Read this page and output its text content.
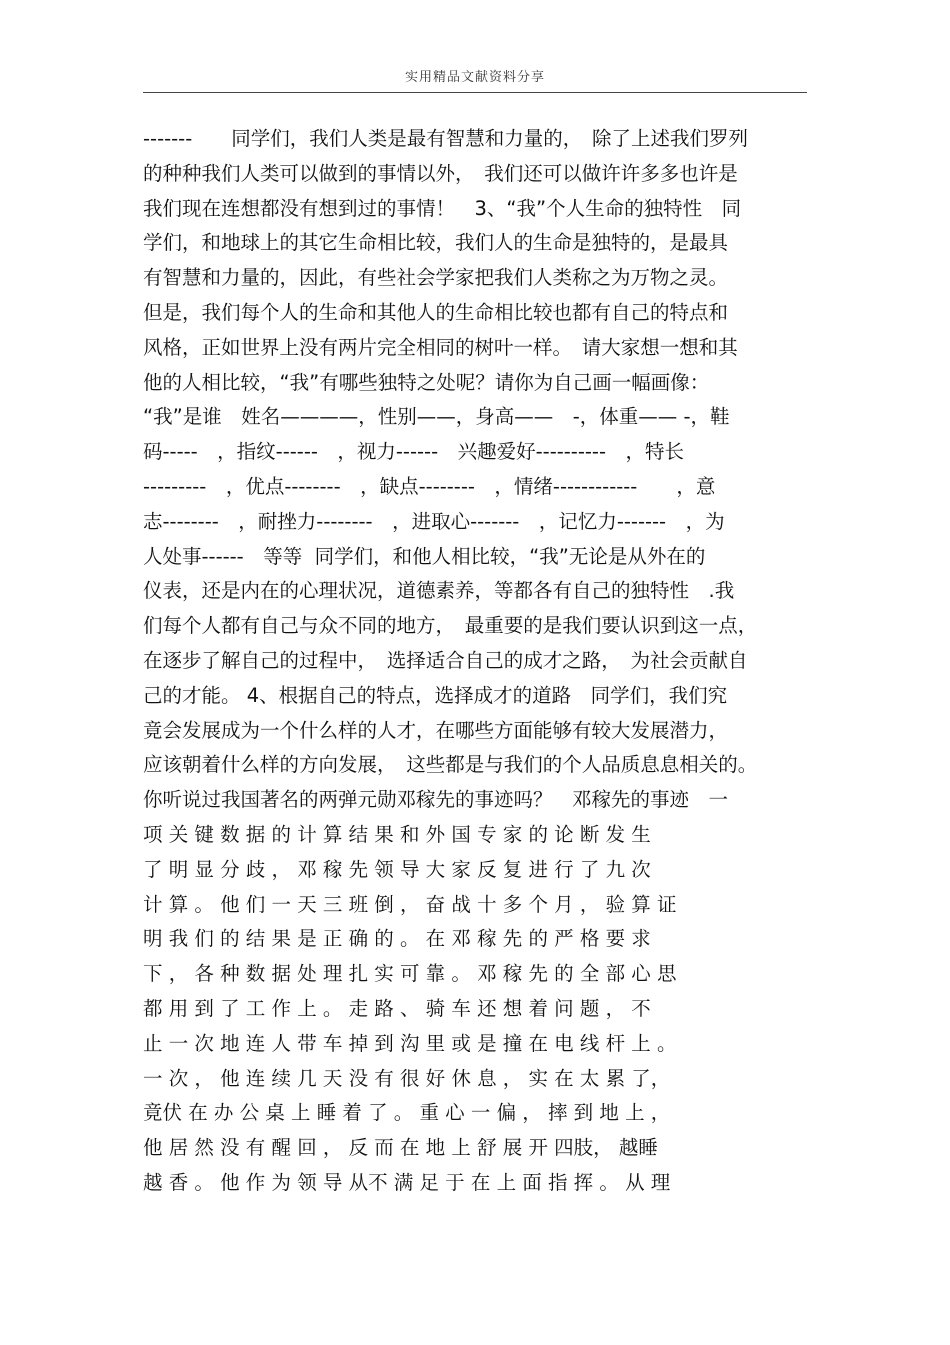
实用精品文献资料分享
-------　　同学们，我们人类是最有智慧和力量的，　除了上述我们罗列
的种种我们人类可以做到的事情以外，　我们还可以做许许多多也许是
我们现在连想都没有想到过的事情！　3、“我”个人生命的独特性　同
学们，和地球上的其它生命相比较，我们人的生命是独特的，是最具
有智慧和力量的，因此，有些社会学家把我们人类称之为万物之灵。
但是，我们每个人的生命和其他人的生命相比较也都有自己的特点和
风格，正如世界上没有两片完全相同的树叶一样。　请大家想一想和其
他的人相比较，“我”有哪些独特之处呢？请你为自己画一幅画像：
“我”是谁　姓名————，性别——，身高——　-，体重—— -，鞋
码-----　，指纹------　，视力------　兴趣爱好----------　，特长
---------　，优点--------　，缺点--------　，情绪------------　　，意
志--------　，耐挫力--------　，进取心-------　，记忆力-------　，为
人处事------　等等  同学们，和他人相比较，“我”无论是从外在的
仪表，还是内在的心理状况，道德素养，等都各有自己的独特性　.我
们每个人都有自己与众不同的地方，　最重要的是我们要认识到这一点，
在逐步了解自己的过程中，　选择适合自己的成才之路，　为社会贡献自
己的才能。 4、根据自己的特点，选择成才的道路　同学们，我们究
竟会发展成为一个什么样的人才，在哪些方面能够有较大发展潜力，
应该朝着什么样的方向发展，　这些都是与我们的个人品质息息相关的。
你听说过我国著名的两弹元勋邓稼先的事迹吗？　邓稼先的事迹　一
项 关 键 数 据 的 计 算 结 果 和 外 国 专 家 的 论 断 发 生
了 明 显 分 歧 ， 邓 稼 先 领 导 大 家 反 复 进 行 了 九 次
计 算 。 他 们 一 天 三 班 倒 ， 奋 战 十 多 个 月 ， 验 算 证
明 我 们 的 结 果 是 正 确 的 。 在 邓 稼 先 的 严 格 要 求
下 ， 各 种 数 据 处 理 扎 实 可 靠 。 邓 稼 先 的 全 部 心 思
都 用 到 了 工 作 上 。 走 路 、 骑 车 还 想 着 问 题 ， 不
止 一 次 地 连 人 带 车 掉 到 沟 里 或 是 撞 在 电 线 杆 上 。
一 次 ， 他 连 续 几 天 没 有 很 好 休 息 ， 实 在 太 累 了，
竟伏 在 办 公 桌 上 睡 着 了 。 重 心 一 偏 ， 摔 到 地 上 ，
他 居 然 没 有 醒 回 ， 反 而 在 地 上 舒 展 开 四肢， 越睡
越 香 。 他 作 为 领 导 从不 满 足 于 在 上 面 指 挥 。 从 理
